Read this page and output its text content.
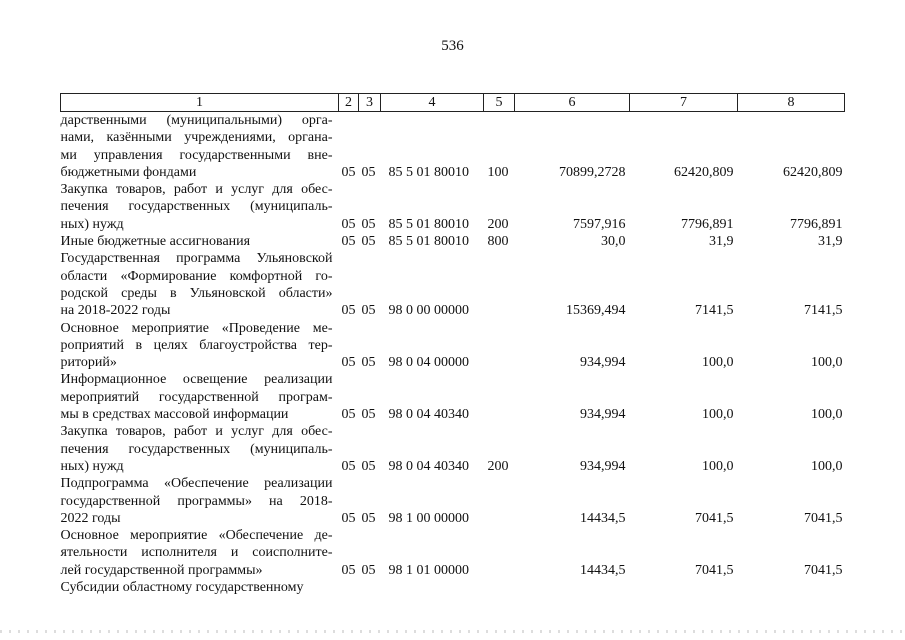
536
1	2	3	4	5	6	7	8

дарственными (муниципальными) орга-
нами, казёнными учреждениями, органа-
ми управления государственными вне-
бюджетными фондами	05	05	85 5 01 80010	100	70899,2728	62420,809	62420,809

Закупка товаров, работ и услуг для обес-
печения государственных (муниципаль-
ных) нужд	05	05	85 5 01 80010	200	7597,916	7796,891	7796,891

Иные бюджетные ассигнования	05	05	85 5 01 80010	800	30,0	31,9	31,9

Государственная программа Ульяновской
области «Формирование комфортной го-
родской среды в Ульяновской области»
на 2018-2022 годы	05	05	98 0 00 00000		15369,494	7141,5	7141,5

Основное мероприятие «Проведение ме-
роприятий в целях благоустройства тер-
риторий»	05	05	98 0 04 00000		934,994	100,0	100,0

Информационное освещение реализации
мероприятий государственной програм-
мы в средствах массовой информации	05	05	98 0 04 40340		934,994	100,0	100,0

Закупка товаров, работ и услуг для обес-
печения государственных (муниципаль-
ных) нужд	05	05	98 0 04 40340	200	934,994	100,0	100,0

Подпрограмма «Обеспечение реализации
государственной программы» на 2018-
2022 годы	05	05	98 1 00 00000		14434,5	7041,5	7041,5

Основное мероприятие «Обеспечение де-
ятельности исполнителя и соисполните-
лей государственной программы»	05	05	98 1 01 00000		14434,5	7041,5	7041,5

Субсидии областному государственному							
